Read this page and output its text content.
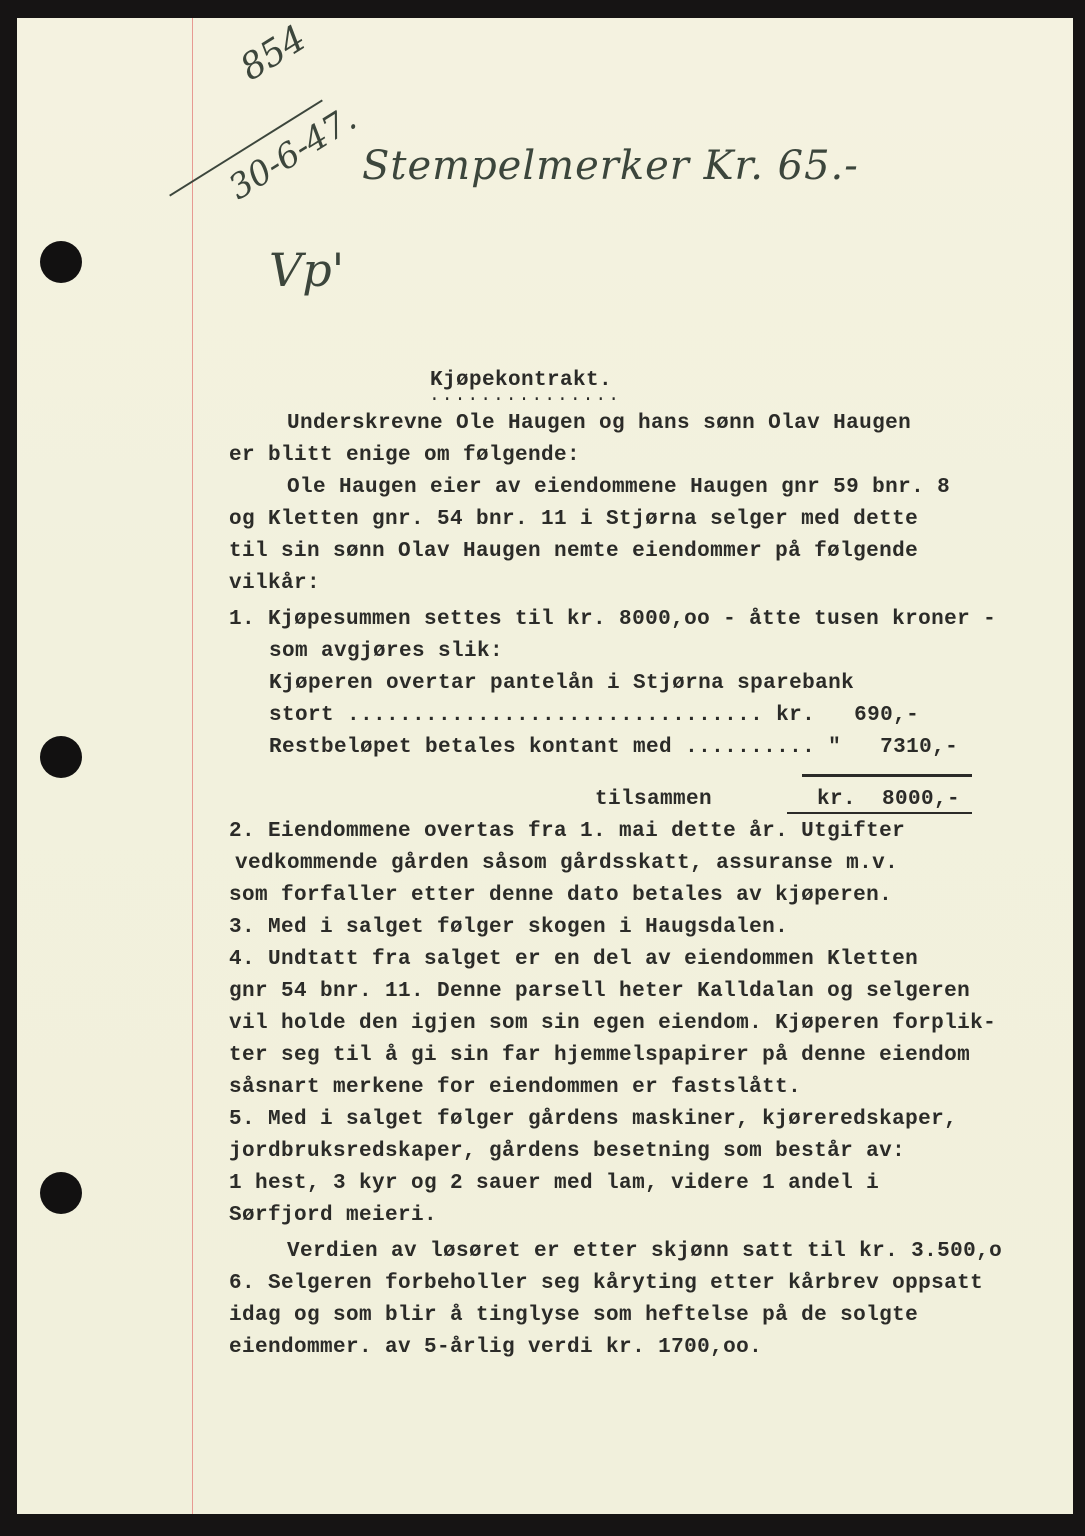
854
30-6-47.
Vp'
Stempelmerker Kr. 65.-
Kjøpekontrakt.
...............
Underskrevne Ole Haugen og hans sønn Olav Haugen
er blitt enige om følgende:
Ole Haugen eier av eiendommene Haugen gnr 59 bnr. 8
og Kletten gnr. 54 bnr. 11 i Stjørna selger med dette
til sin sønn Olav Haugen nemte eiendommer på følgende
vilkår:
1. Kjøpesummen settes til kr. 8000,oo - åtte tusen kroner -
som avgjøres slik:
Kjøperen overtar pantelån i Stjørna sparebank
stort ................................ kr.   690,-
Restbeløpet betales kontant med .......... "   7310,-
tilsammen	kr.  8000,-
2. Eiendommene overtas fra 1. mai dette år. Utgifter
vedkommende gården såsom gårdsskatt, assuranse m.v.
som forfaller etter denne dato betales av kjøperen.
3. Med i salget følger skogen i Haugsdalen.
4. Undtatt fra salget er en del av eiendommen Kletten
gnr 54 bnr. 11. Denne parsell heter Kalldalan og selgeren
vil holde den igjen som sin egen eiendom. Kjøperen forplik-
ter seg til å gi sin far hjemmelspapirer på denne eiendom
såsnart merkene for eiendommen er fastslått.
5. Med i salget følger gårdens maskiner, kjøreredskaper,
jordbruksredskaper, gårdens besetning som består av:
1 hest, 3 kyr og 2 sauer med lam, videre 1 andel i
Sørfjord meieri.
Verdien av løsøret er etter skjønn satt til kr. 3.500,o
6. Selgeren forbeholler seg kåryting etter kårbrev oppsatt
idag og som blir å tinglyse som heftelse på de solgte
eiendommer. av 5-årlig verdi kr. 1700,oo.
